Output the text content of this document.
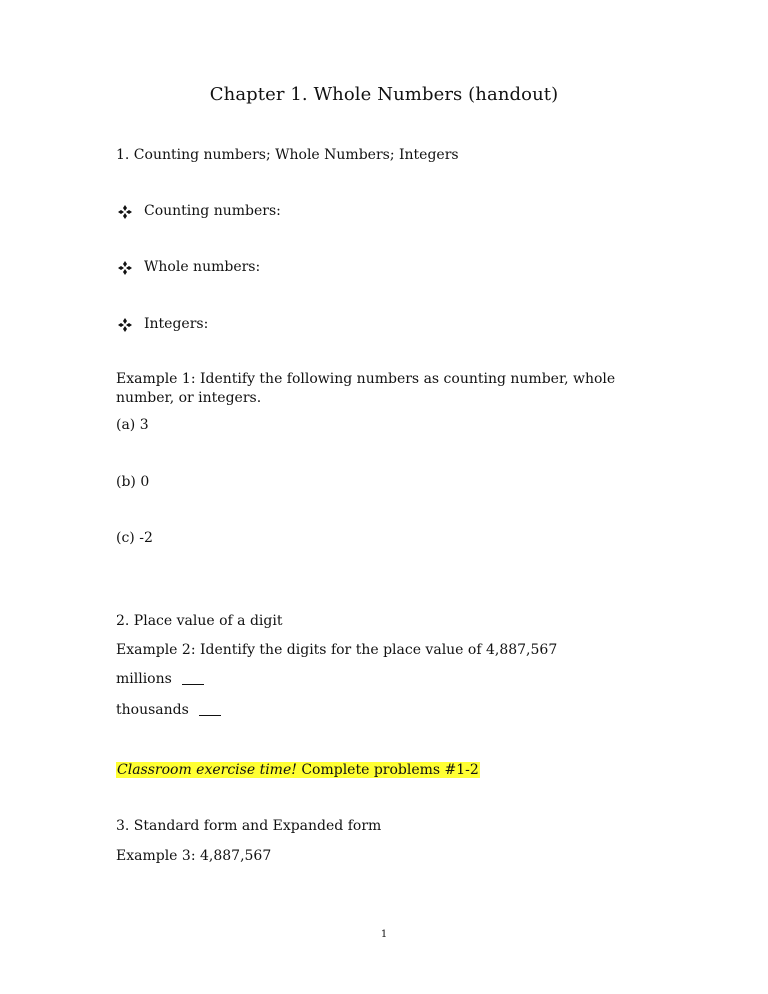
Chapter 1. Whole Numbers (handout)
1. Counting numbers; Whole Numbers; Integers
Counting numbers:
Whole numbers:
Integers:
Example 1: Identify the following numbers as counting number, whole number, or integers.
(a) 3
(b) 0
(c) -2
2. Place value of a digit
Example 2: Identify the digits for the place value of 4,887,567
millions
thousands
Classroom exercise time! Complete problems #1-2
3. Standard form and Expanded form
Example 3: 4,887,567
1
